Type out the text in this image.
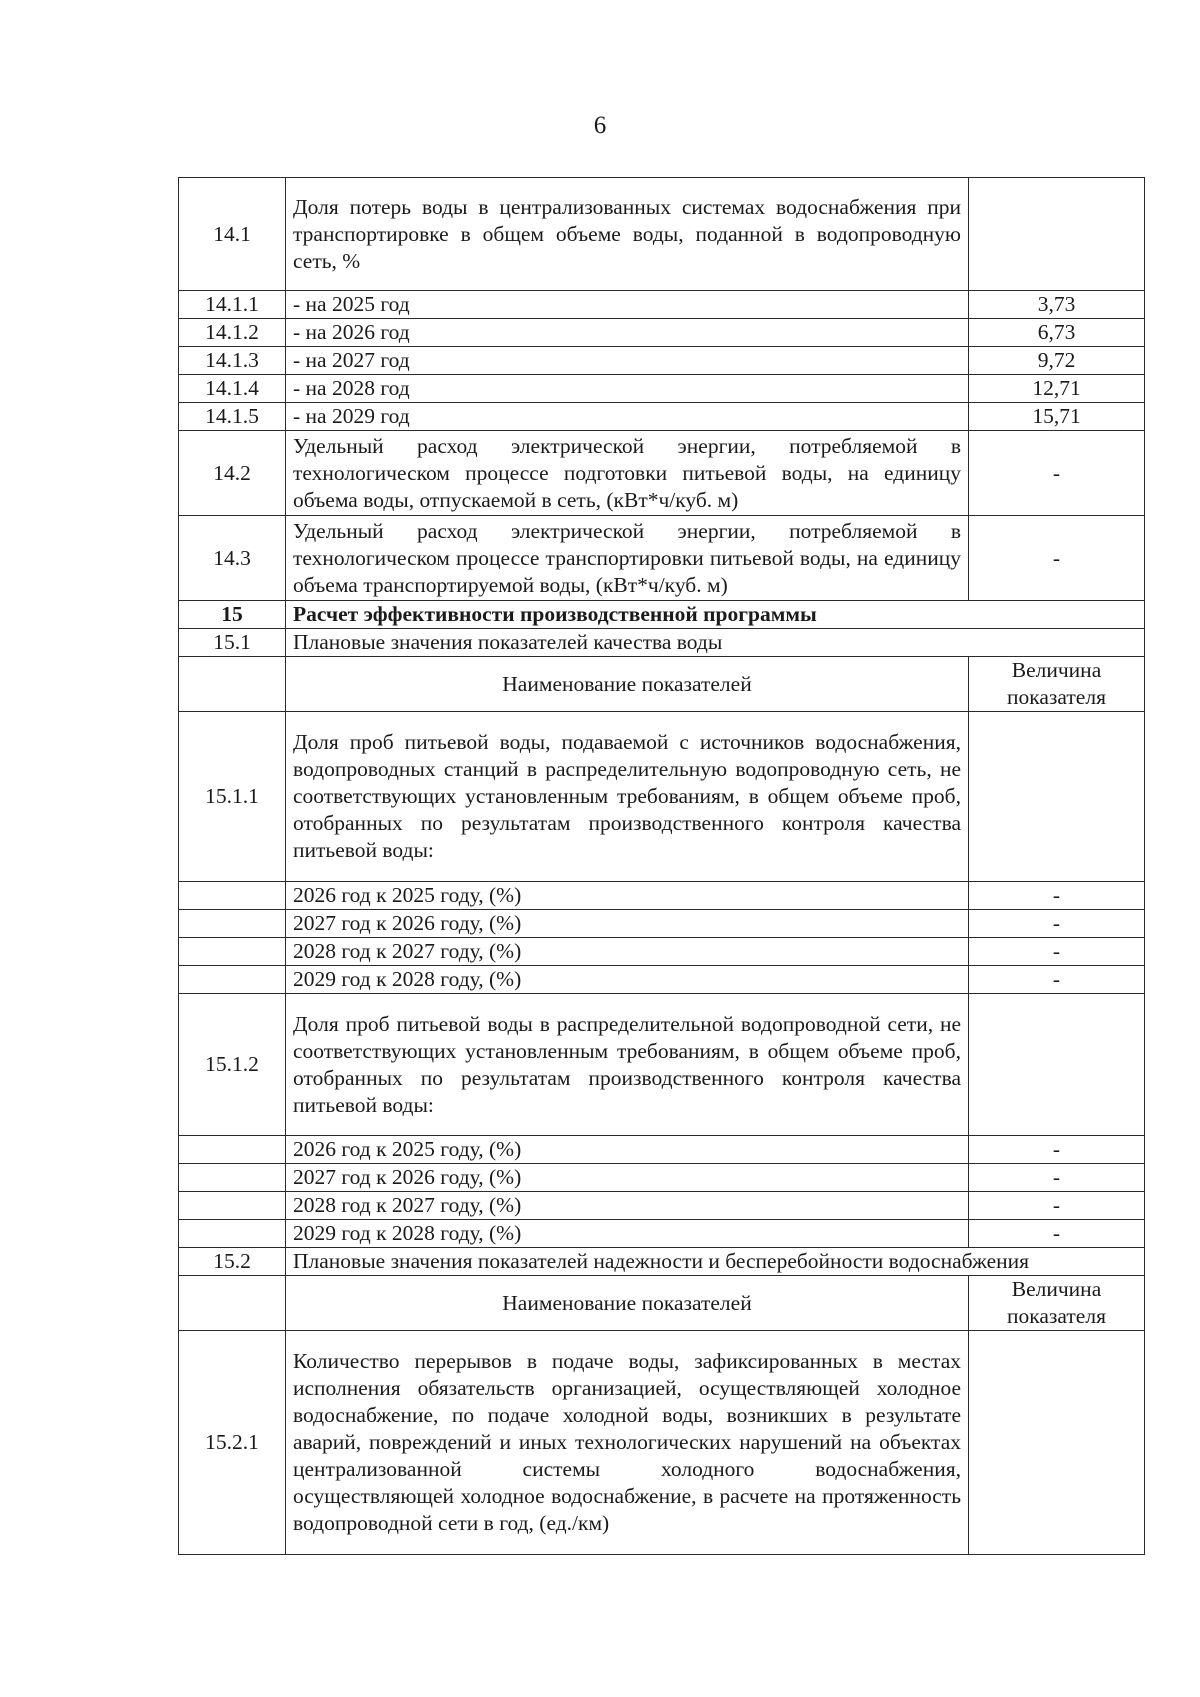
6
14.1	Доля потерь воды в централизованных системах водоснабжения при транспортировке в общем объеме воды, поданной в водопроводную сеть, %	
14.1.1	- на 2025 год	3,73
14.1.2	- на 2026 год	6,73
14.1.3	- на 2027 год	9,72
14.1.4	- на 2028 год	12,71
14.1.5	- на 2029 год	15,71
14.2	Удельный расход электрической энергии, потребляемой в технологическом процессе подготовки питьевой воды, на единицу объема воды, отпускаемой в сеть, (кВт*ч/куб. м)	-
14.3	Удельный расход электрической энергии, потребляемой в технологическом процессе транспортировки питьевой воды, на единицу объема транспортируемой воды, (кВт*ч/куб. м)	-
15	Расчет эффективности производственной программы	
15.1	Плановые значения показателей качества воды	
	Наименование показателей	Величина показателя
15.1.1	Доля проб питьевой воды, подаваемой с источников водоснабжения, водопроводных станций в распределительную водопроводную сеть, не соответствующих установленным требованиям, в общем объеме проб, отобранных по результатам производственного контроля качества питьевой воды:	
	2026 год к 2025 году, (%)	-
	2027 год к 2026 году, (%)	-
	2028 год к 2027 году, (%)	-
	2029 год к 2028 году, (%)	-
15.1.2	Доля проб питьевой воды в распределительной водопроводной сети, не соответствующих установленным требованиям, в общем объеме проб, отобранных по результатам производственного контроля качества питьевой воды:	
	2026 год к 2025 году, (%)	-
	2027 год к 2026 году, (%)	-
	2028 год к 2027 году, (%)	-
	2029 год к 2028 году, (%)	-
15.2	Плановые значения показателей надежности и бесперебойности водоснабжения	
	Наименование показателей	Величина показателя
15.2.1	Количество перерывов в подаче воды, зафиксированных в местах исполнения обязательств организацией, осуществляющей холодное водоснабжение, по подаче холодной воды, возникших в результате аварий, повреждений и иных технологических нарушений на объектах централизованной системы холодного водоснабжения, осуществляющей холодное водоснабжение, в расчете на протяженность водопроводной сети в год, (ед./км)	
